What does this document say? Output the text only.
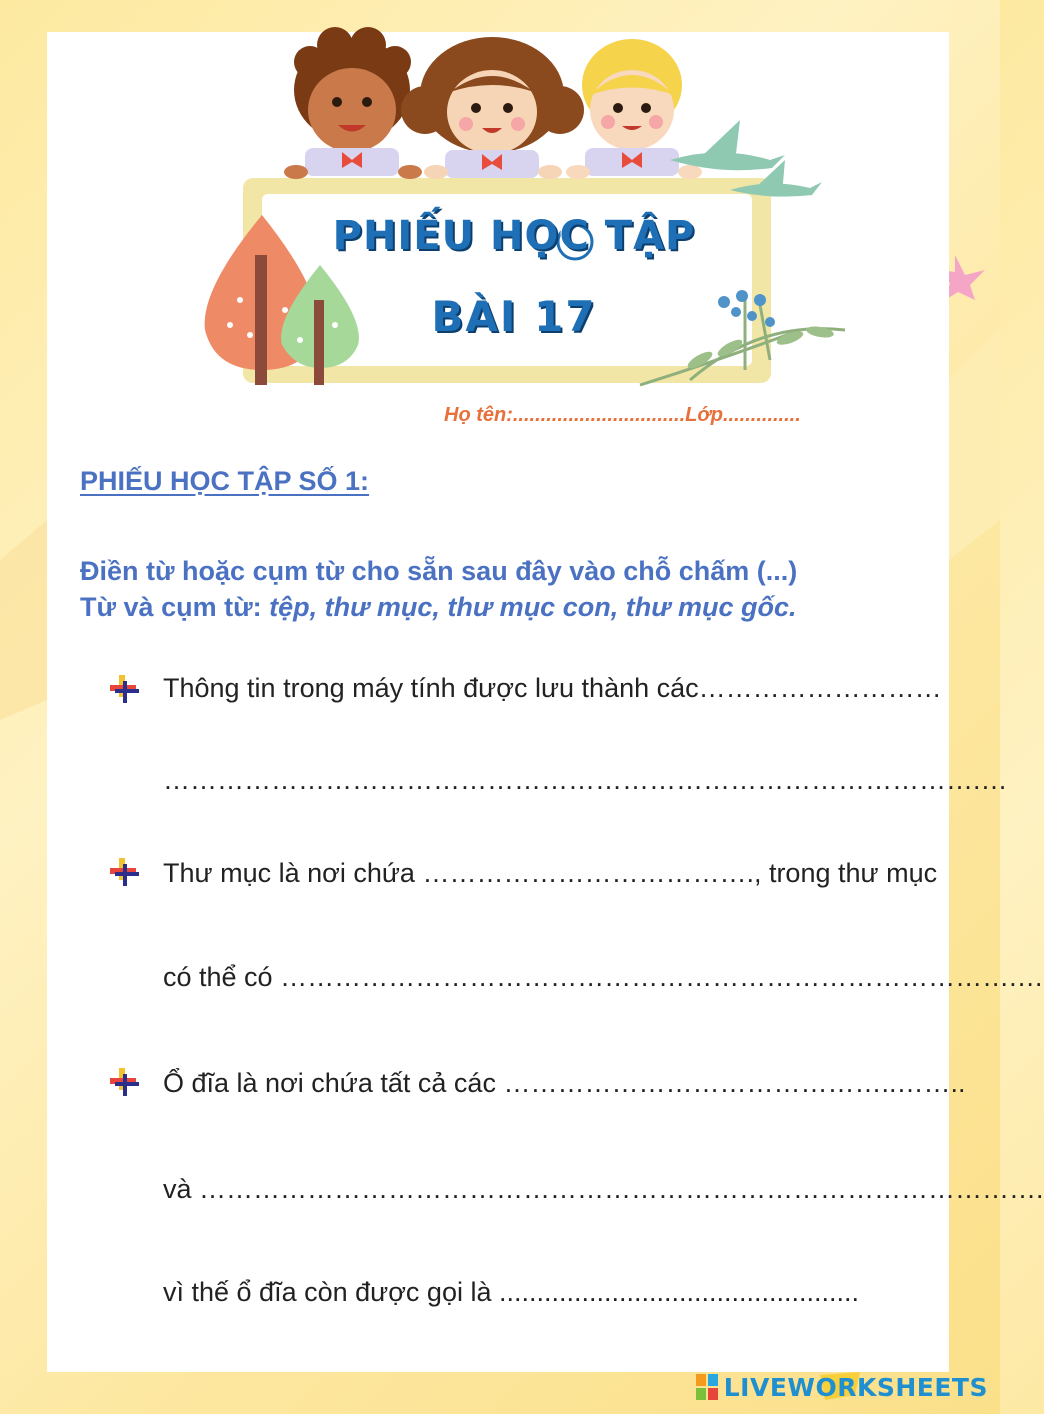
PHIẾU HỌC TẬP
BÀI 17
Họ tên:...............................Lớp..............
PHIẾU HỌC TẬP SỐ 1:
Điền từ hoặc cụm từ cho sẵn sau đây vào chỗ chấm (...)
Từ và cụm từ: tệp, thư mục, thư mục con, thư mục gốc.
Thông tin trong máy tính được lưu thành các………………………
……………………………………………………………………………….…
Thư mục là nơi chứa ………………………………., trong thư mục
có thể có ……………………………………………………………………….…
Ổ đĩa là nơi chứa tất cả các ……………………………………..……..
và ………………………………………………………………………………….
vì thế ổ đĩa còn được gọi là ................................................
LIVEWORKSHEETS
